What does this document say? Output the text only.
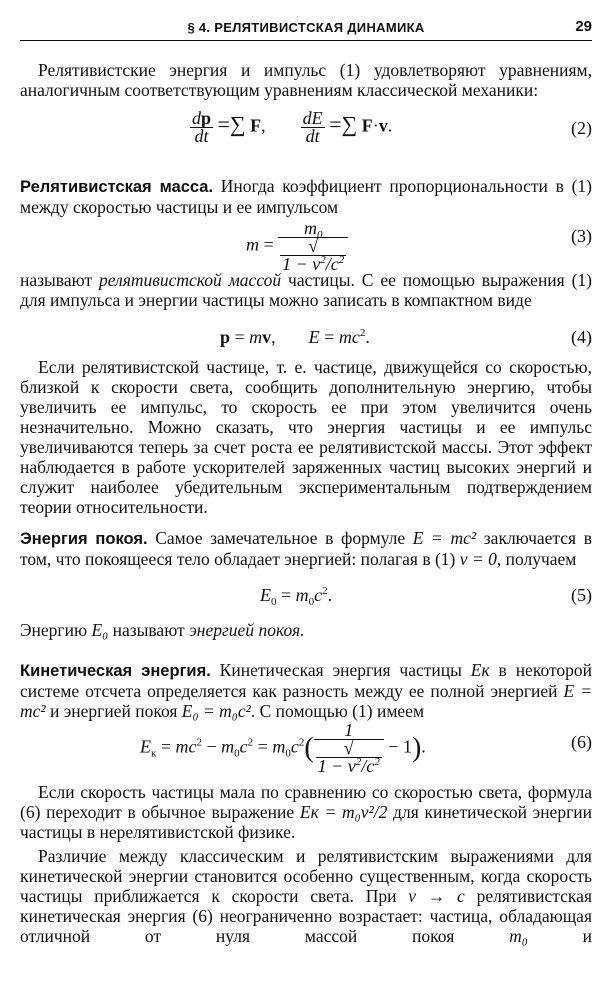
§ 4. РЕЛЯТИВИСТСКАЯ ДИНАМИКА	29

Релятивистские энергия и импульс (1) удовлетворяют уравнениям, аналогичным соответствующим уравнениям классической механики:

$\frac{dp}{dt}$ =∑ F, $\frac{dE}{dt}$ =∑ F·v.	(2)

Релятивистская масса. Иногда коэффициент пропорциональности в (1) между скоростью частицы и ее импульсом

$m = m_0$
√
$1 - v^2/c^2$	(3)

называют релятивистской массой частицы. С ее помощью выражения (1) для импульса и энергии частицы можно записать в компактном виде

p = mv,  $E = mc^2$.	(4)

Если релятивистской частице, т. е. частице, движущейся со скоростью, близкой к скорости света, сообщить дополнительную энергию, чтобы увеличить ее импульс, то скорость ее при этом увеличится очень незначительно. Можно сказать, что энергия частицы и ее импульс увеличиваются теперь за счет роста ее релятивистской массы. Этот эффект наблюдается в работе ускорителей заряженных частиц высоких энергий и служит наиболее убедительным экспериментальным подтверждением теории относительности.

Энергия покоя. Самое замечательное в формуле E = mc² заключается в том, что покоящееся тело обладает энергией: полагая в (1) v = 0, получаем

$E_0 = m_0c^2$.	(5)

Энергию E₀ называют энергией покоя.

Кинетическая энергия. Кинетическая энергия частицы Eк в некоторой системе отсчета определяется как разность между ее полной энергией E = mc² и энергией покоя E₀ = m₀c². С помощью (1) имеем

$E_к = mc^2 - m_0c^2 = m_0c^2$( 1
√
$1 - v^2/c^2 - 1$).	(6)

Если скорость частицы мала по сравнению со скоростью света, формула (6) переходит в обычное выражение Eк = m₀v²/2 для кинетической энергии частицы в нерелятивистской физике.

Различие между классическим и релятивистским выражениями для кинетической энергии становится особенно существенным, когда скорость частицы приближается к скорости света. При v → c релятивистская кинетическая энергия (6) неограниченно возрастает: частица, обладающая отличной от нуля массой покоя m₀ и
